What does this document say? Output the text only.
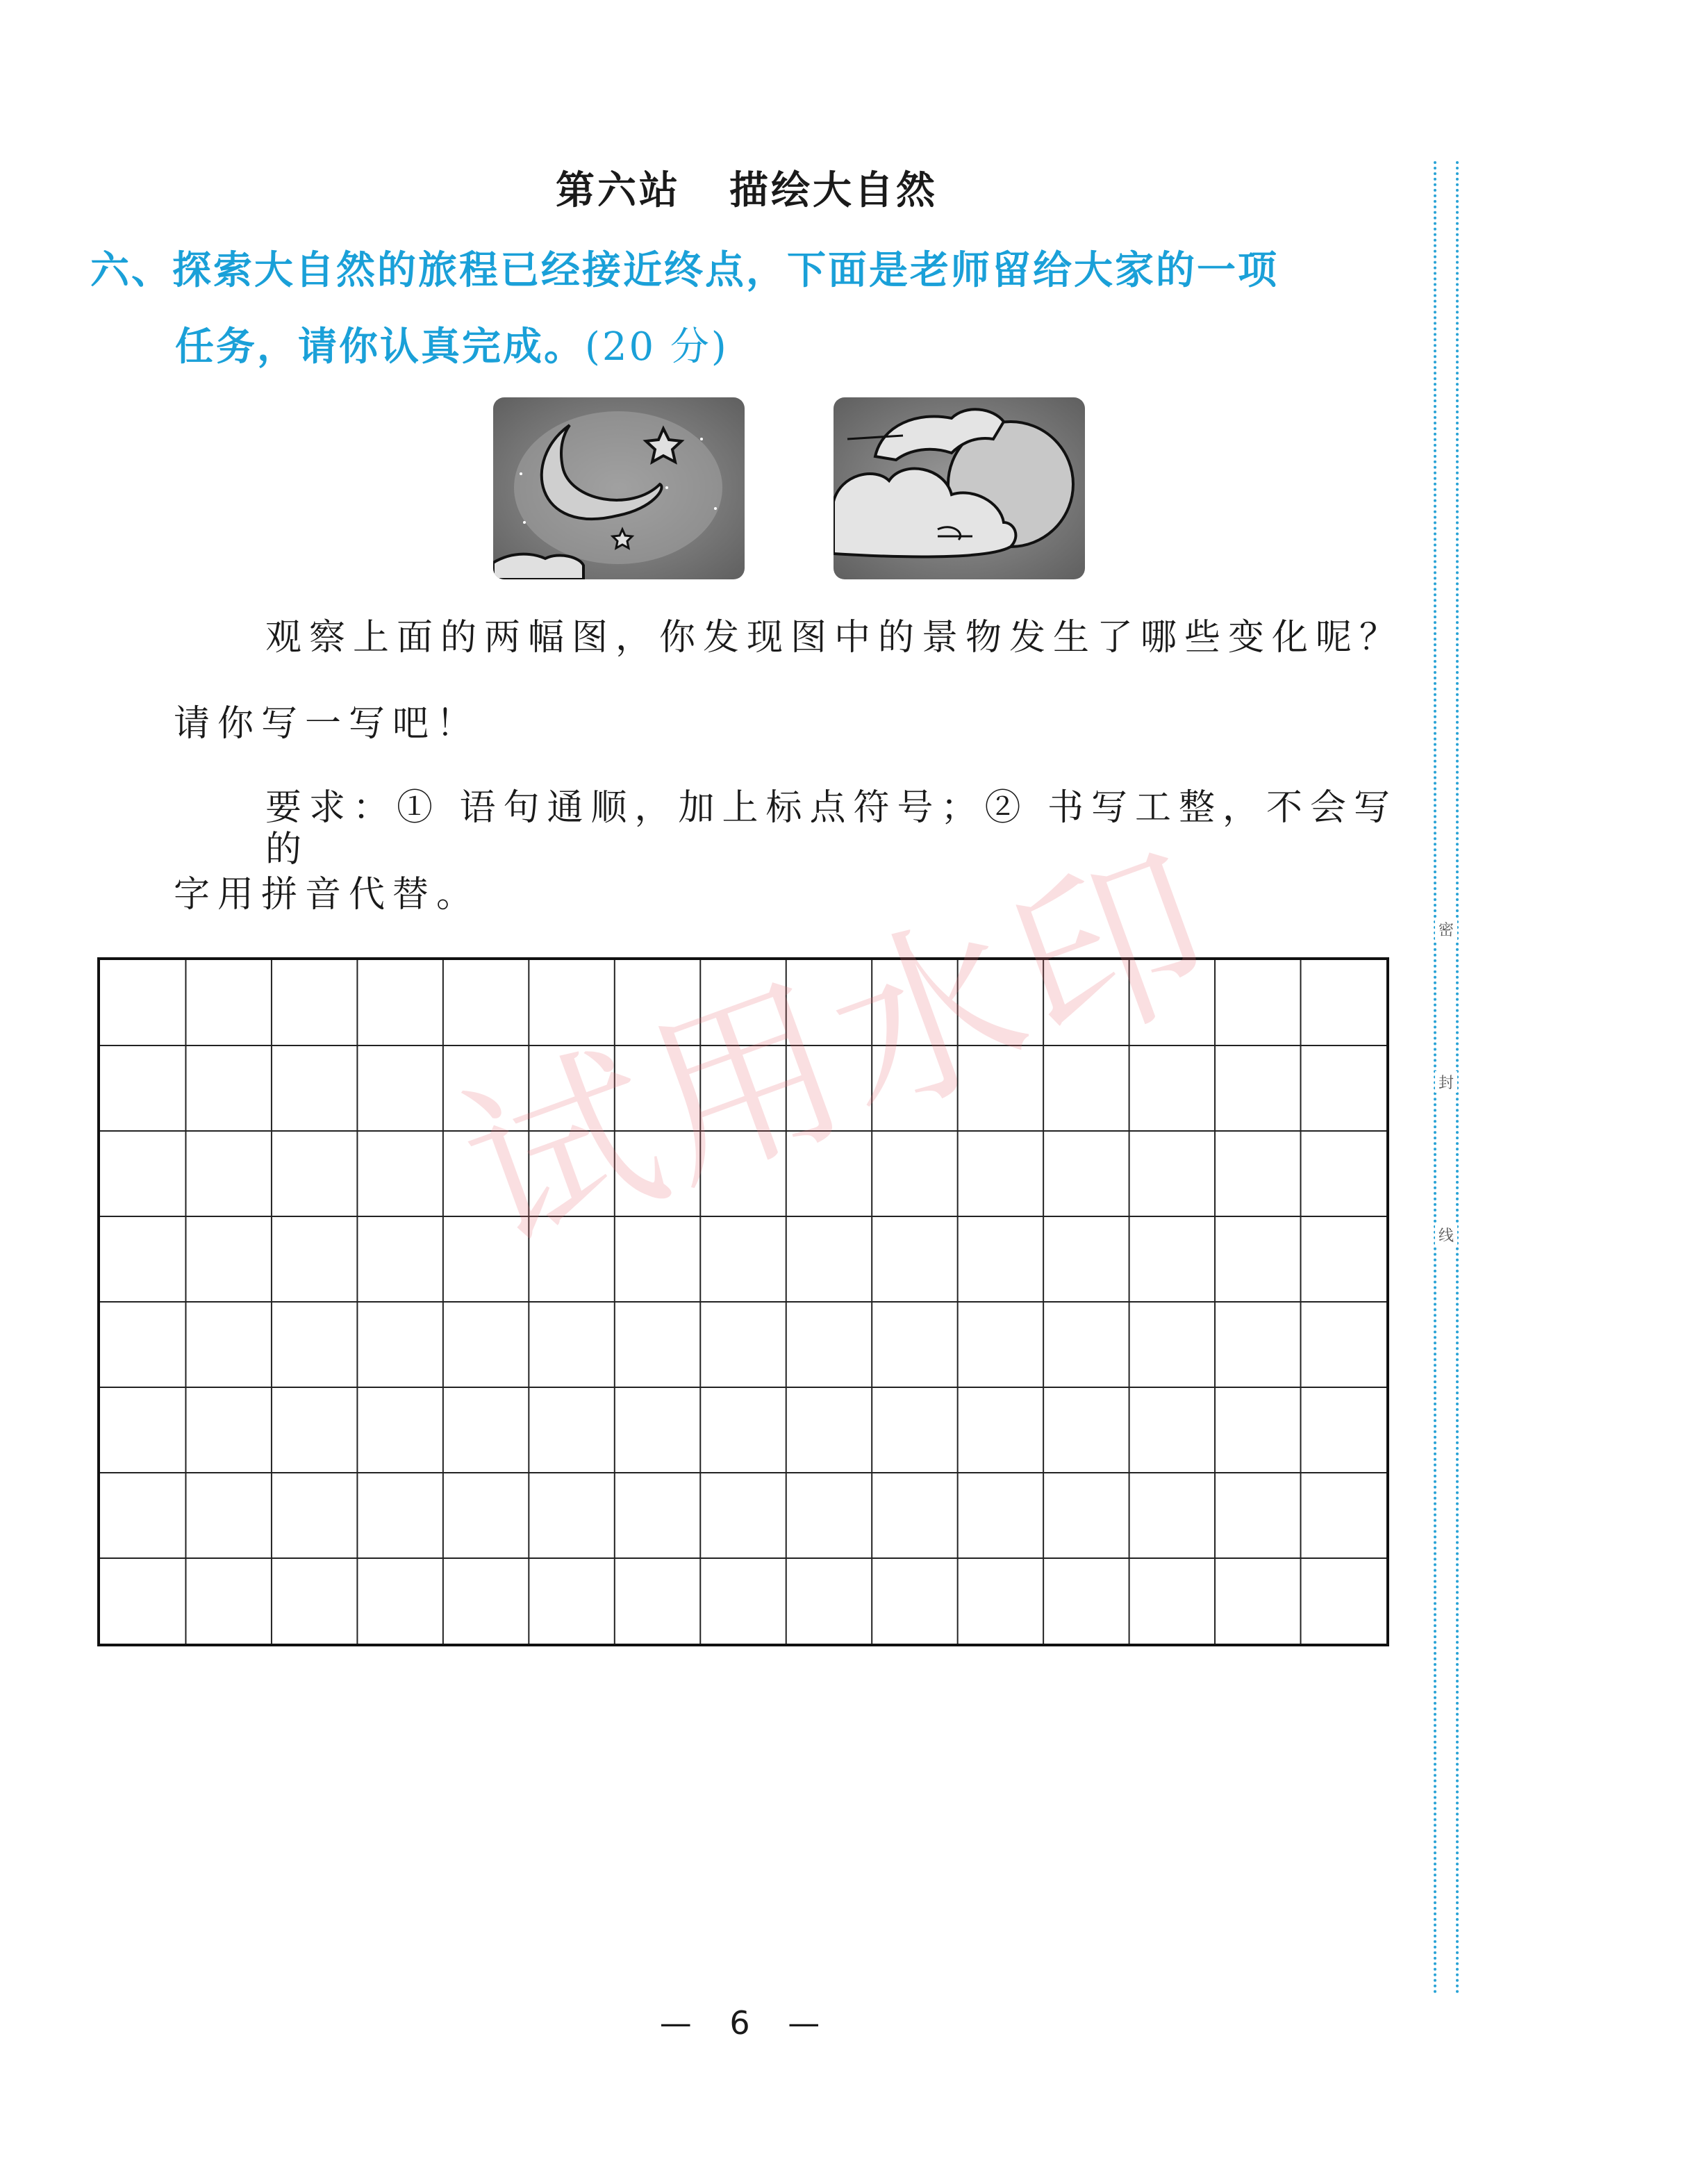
第六站 描绘大自然
六、探索大自然的旅程已经接近终点，下面是老师留给大家的一项
任务，请你认真完成。(20 分)
观察上面的两幅图，你发现图中的景物发生了哪些变化呢？
请你写一写吧！
要求：① 语句通顺，加上标点符号；② 书写工整，不会写的
字用拼音代替。
试用水印	密
封
线
— 6 —
